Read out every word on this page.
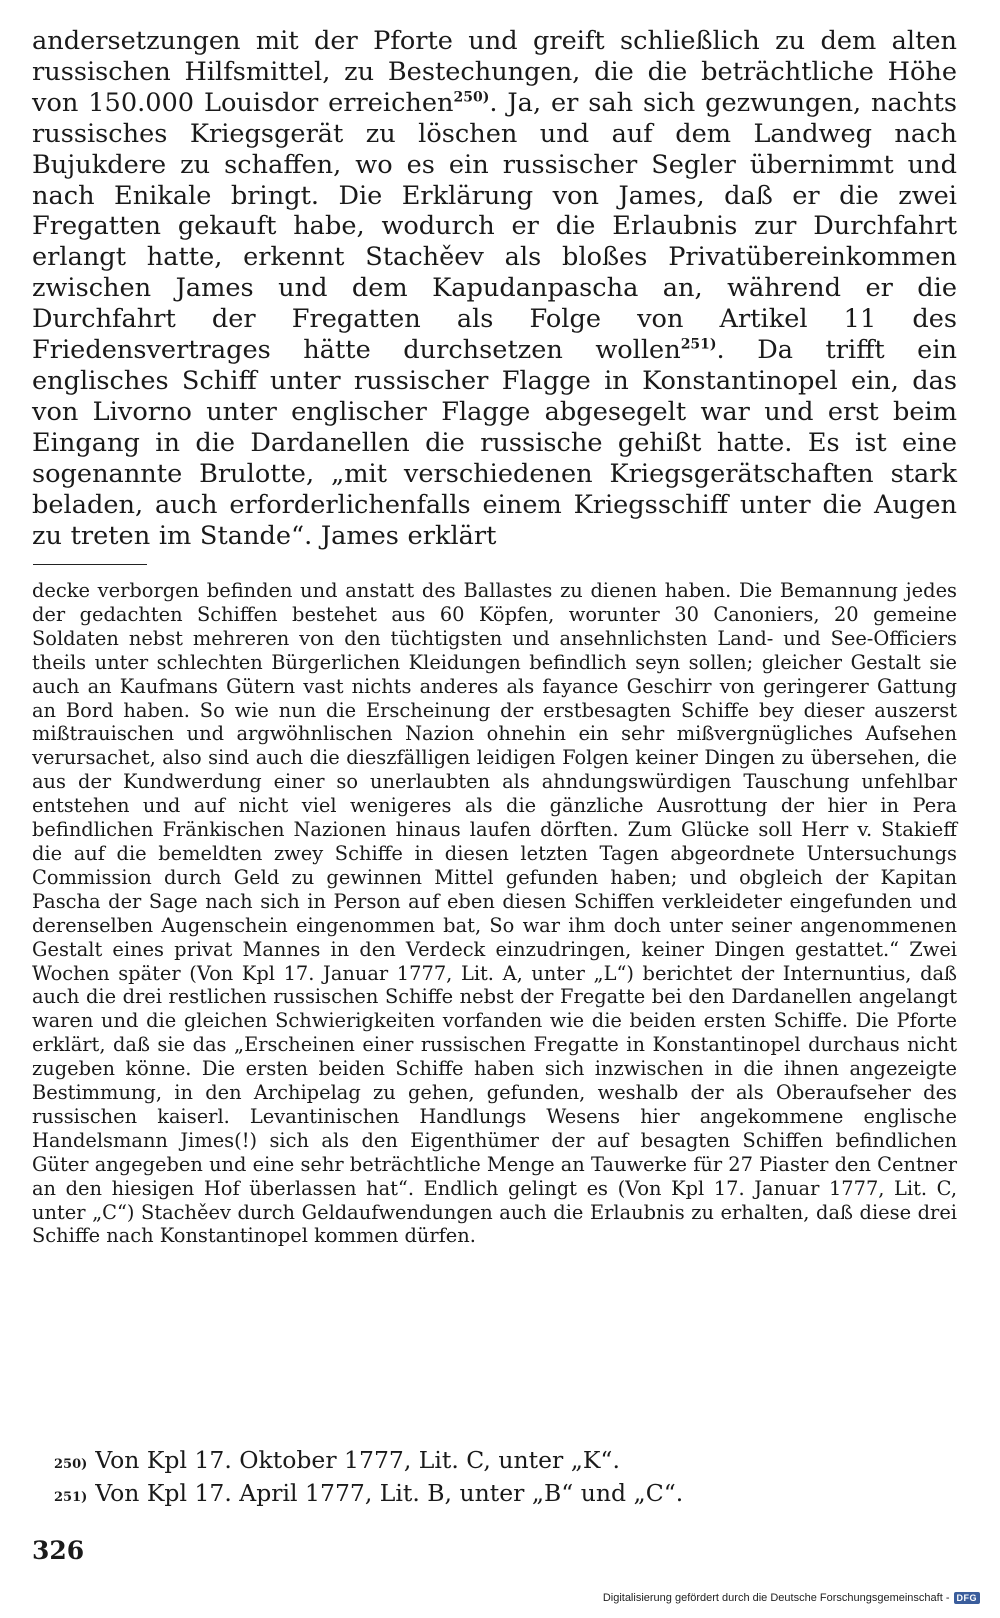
andersetzungen mit der Pforte und greift schließlich zu dem alten russischen Hilfsmittel, zu Bestechungen, die die beträchtliche Höhe von 150.000 Louisdor erreichen$^{250)}$. Ja, er sah sich gezwungen, nachts russisches Kriegsgerät zu löschen und auf dem Landweg nach Bujukdere zu schaffen, wo es ein russischer Segler übernimmt und nach Enikale bringt. Die Erklärung von James, daß er die zwei Fregatten gekauft habe, wodurch er die Erlaubnis zur Durchfahrt erlangt hatte, erkennt Stachěev als bloßes Privatübereinkommen zwischen James und dem Kapudanpascha an, während er die Durchfahrt der Fregatten als Folge von Artikel 11 des Friedensvertrages hätte durchsetzen wollen$^{251)}$. Da trifft ein englisches Schiff unter russischer Flagge in Konstantinopel ein, das von Livorno unter englischer Flagge abgesegelt war und erst beim Eingang in die Dardanellen die russische gehißt hatte. Es ist eine sogenannte Brulotte, „mit verschiedenen Kriegsgerätschaften stark beladen, auch erforderlichenfalls einem Kriegsschiff unter die Augen zu treten im Stande“. James erklärt
decke verborgen befinden und anstatt des Ballastes zu dienen haben. Die Bemannung jedes der gedachten Schiffen bestehet aus 60 Köpfen, worunter 30 Canoniers, 20 gemeine Soldaten nebst mehreren von den tüchtigsten und ansehnlichsten Land- und See-Officiers theils unter schlechten Bürgerlichen Kleidungen befindlich seyn sollen; gleicher Gestalt sie auch an Kaufmans Gütern vast nichts anderes als fayance Geschirr von geringerer Gattung an Bord haben. So wie nun die Erscheinung der erstbesagten Schiffe bey dieser auszerst mißtrauischen und argwöhnlischen Nazion ohnehin ein sehr mißvergnügliches Aufsehen verursachet, also sind auch die dieszfälligen leidigen Folgen keiner Dingen zu übersehen, die aus der Kundwerdung einer so unerlaubten als ahndungswürdigen Tauschung unfehlbar entstehen und auf nicht viel wenigeres als die gänzliche Ausrottung der hier in Pera befindlichen Fränkischen Nazionen hinaus laufen dörften. Zum Glücke soll Herr v. Stakieff die auf die bemeldten zwey Schiffe in diesen letzten Tagen abgeordnete Untersuchungs Commission durch Geld zu gewinnen Mittel gefunden haben; und obgleich der Kapitan Pascha der Sage nach sich in Person auf eben diesen Schiffen verkleideter eingefunden und derenselben Augenschein eingenommen bat, So war ihm doch unter seiner angenommenen Gestalt eines privat Mannes in den Verdeck einzudringen, keiner Dingen gestattet.“ Zwei Wochen später (Von Kpl 17. Januar 1777, Lit. A, unter „L“) berichtet der Internuntius, daß auch die drei restlichen russischen Schiffe nebst der Fregatte bei den Dardanellen angelangt waren und die gleichen Schwierigkeiten vorfanden wie die beiden ersten Schiffe. Die Pforte erklärt, daß sie das „Erscheinen einer russischen Fregatte in Konstantinopel durchaus nicht zugeben könne. Die ersten beiden Schiffe haben sich inzwischen in die ihnen angezeigte Bestimmung, in den Archipelag zu gehen, gefunden, weshalb der als Oberaufseher des russischen kaiserl. Levantinischen Handlungs Wesens hier angekommene englische Handelsmann Jimes(!) sich als den Eigenthümer der auf besagten Schiffen befindlichen Güter angegeben und eine sehr beträchtliche Menge an Tauwerke für 27 Piaster den Centner an den hiesigen Hof überlassen hat“. Endlich gelingt es (Von Kpl 17. Januar 1777, Lit. C, unter „C“) Stachěev durch Geldaufwendungen auch die Erlaubnis zu erhalten, daß diese drei Schiffe nach Konstantinopel kommen dürfen.
250) Von Kpl 17. Oktober 1777, Lit. C, unter „K“.
251) Von Kpl 17. April 1777, Lit. B, unter „B“ und „C“.
326
Digitalisierung gefördert durch die Deutsche Forschungsgemeinschaft - DFG
